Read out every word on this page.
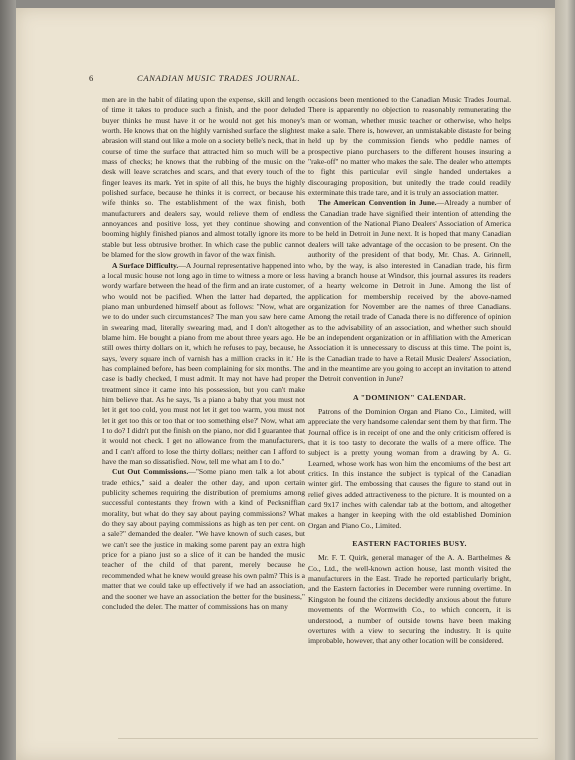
6	CANADIAN MUSIC TRADES JOURNAL.

men are in the habit of dilating upon the expense, skill and length of time it takes to produce such a finish, and the poor deluded buyer thinks he must have it or he would not get his money's worth. He knows that on the highly varnished surface the slightest abrasion will stand out like a mole on a society belle's neck, that in course of time the surface that attracted him so much will be a mass of checks; he knows that the rubbing of the music on the desk will leave scratches and scars, and that every touch of the finger leaves its mark. Yet in spite of all this, he buys the highly polished surface, because he thinks it is correct, or because his wife thinks so. The establishment of the wax finish, both manufacturers and dealers say, would relieve them of endless annoyances and positive loss, yet they continue showing and booming highly finished pianos and almost totally ignore its more stable but less obtrusive brother. In which case the public cannot be blamed for the slow growth in favor of the wax finish.

A Surface Difficulty.—A Journal representative happened into a local music house not long ago in time to witness a more or less wordy warfare between the head of the firm and an irate customer, who would not be pacified. When the latter had departed, the piano man unburdened himself about as follows: "Now, what are we to do under such circumstances? The man you saw here came in swearing mad, literally swearing mad, and I don't altogether blame him. He bought a piano from me about three years ago. He still owes thirty dollars on it, which he refuses to pay, because, he says, 'every square inch of varnish has a million cracks in it.' He has complained before, has been complaining for six months. The case is badly checked, I must admit. It may not have had proper treatment since it came into his possession, but you can't make him believe that. As he says, 'Is a piano a baby that you must not let it get too cold, you must not let it get too warm, you must not let it get too this or too that or too something else?' Now, what am I to do? I didn't put the finish on the piano, nor did I guarantee that it would not check. I get no allowance from the manufacturers, and I can't afford to lose the thirty dollars; neither can I afford to have the man so dissatisfied. Now, tell me what am I to do."

Cut Out Commissions.—"Some piano men talk a lot about trade ethics," said a dealer the other day, and upon certain publicity schemes requiring the distribution of premiums among successful contestants they frown with a kind of Pecksniffian morality, but what do they say about paying commissions? What do they say about paying commissions as high as ten per cent. on a sale?" demanded the dealer. "We have known of such cases, but we can't see the justice in making some parent pay an extra high price for a piano just so a slice of it can be handed the music teacher of the child of that parent, merely because he recommended what he knew would grease his own palm? This is a matter that we could take up effectively if we had an association, and the sooner we have an association the better for the business," concluded the deler. The matter of commissions has on many

occasions been mentioned to the Canadian Music Trades Journal. There is apparently no objection to reasonably remunerating the man or woman, whether music teacher or otherwise, who helps make a sale. There is, however, an unmistakable distaste for being held up by the commission fiends who peddle names of prospective piano purchasers to the different houses insuring a "rake-off" no matter who makes the sale. The dealer who attempts to fight this particular evil single handed undertakes a discouraging proposition, but unitedly the trade could readily exterminate this trade tare, and it is truly an association matter.

The American Convention in June.—Already a number of the Canadian trade have signified their intention of attending the convention of the National Piano Dealers' Association of America to be held in Detroit in June next. It is hoped that many Canadian dealers will take advantage of the occasion to be present. On the authority of the president of that body, Mr. Chas. A. Grinnell, who, by the way, is also interested in Canadian trade, his firm having a branch house at Windsor, this journal assures its readers of a hearty welcome in Detroit in June. Among the list of application for membership received by the above-named organization for November are the names of three Canadians. Among the retail trade of Canada there is no difference of opinion as to the advisability of an association, and whether such should be an independent organization or in affiliation with the American Association it is unnecessary to discuss at this time. The point is, is the Canadian trade to have a Retail Music Dealers' Association, and in the meantime are you going to accept an invitation to attend the Detroit convention in June?

A "DOMINION" CALENDAR.

Patrons of the Dominion Organ and Piano Co., Limited, will appreciate the very handsome calendar sent them by that firm. The Journal office is in receipt of one and the only criticism offered is that it is too tasty to decorate the walls of a mere office. The subject is a pretty young woman from a drawing by A. G. Learned, whose work has won him the encomiums of the best art critics. In this instance the subject is typical of the Canadian winter girl. The embossing that causes the figure to stand out in relief gives added attractiveness to the picture. It is mounted on a card 9x17 inches with calendar tab at the bottom, and altogether makes a hanger in keeping with the old established Dominion Organ and Piano Co., Limited.

EASTERN FACTORIES BUSY.

Mr. F. T. Quirk, general manager of the A. A. Barthelmes & Co., Ltd., the well-known action house, last month visited the manufacturers in the East. Trade he reported particularly bright, and the Eastern factories in December were running overtime. In Kingston he found the citizens decidedly anxious about the future movements of the Wormwith Co., to which concern, it is understood, a number of outside towns have been making overtures with a view to securing the industry. It is quite improbable, however, that any other location will be considered.
